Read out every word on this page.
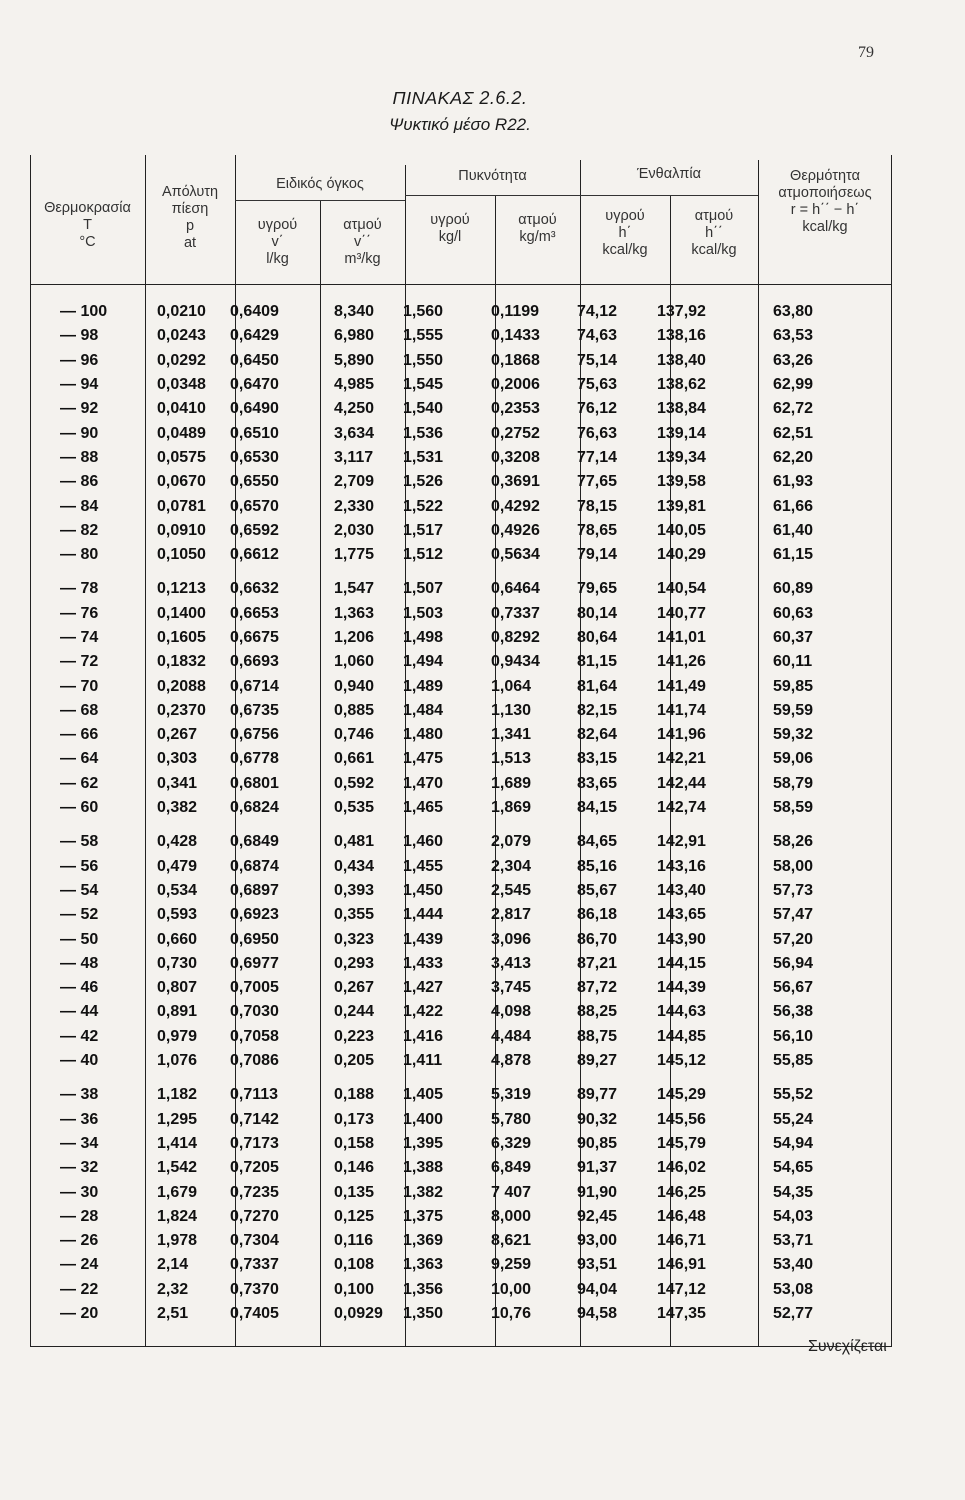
79
ΠΙΝΑΚΑΣ 2.6.2.
Ψυκτικό μέσο R22.
Θερμοκρασία
T
°C
Απόλυτη
πίεση
p
at
Ειδικός όγκος
υγρού
v΄
l/kg
ατμού
v΄΄
m³/kg
Πυκνότητα
υγρού
kg/l
ατμού
kg/m³
Ένθαλπία
υγρού
h΄
kcal/kg
ατμού
h΄΄
kcal/kg
Θερμότητα
ατμοποιήσεως
r = h΄΄ − h΄
kcal/kg
— 100	0,0210	0,6409	8,340	1,560	0,1199	74,12	137,92	63,80
— 98	0,0243	0,6429	6,980	1,555	0,1433	74,63	138,16	63,53
— 96	0,0292	0,6450	5,890	1,550	0,1868	75,14	138,40	63,26
— 94	0,0348	0,6470	4,985	1,545	0,2006	75,63	138,62	62,99
— 92	0,0410	0,6490	4,250	1,540	0,2353	76,12	138,84	62,72
— 90	0,0489	0,6510	3,634	1,536	0,2752	76,63	139,14	62,51
— 88	0,0575	0,6530	3,117	1,531	0,3208	77,14	139,34	62,20
— 86	0,0670	0,6550	2,709	1,526	0,3691	77,65	139,58	61,93
— 84	0,0781	0,6570	2,330	1,522	0,4292	78,15	139,81	61,66
— 82	0,0910	0,6592	2,030	1,517	0,4926	78,65	140,05	61,40
— 80	0,1050	0,6612	1,775	1,512	0,5634	79,14	140,29	61,15
— 78	0,1213	0,6632	1,547	1,507	0,6464	79,65	140,54	60,89
— 76	0,1400	0,6653	1,363	1,503	0,7337	80,14	140,77	60,63
— 74	0,1605	0,6675	1,206	1,498	0,8292	80,64	141,01	60,37
— 72	0,1832	0,6693	1,060	1,494	0,9434	81,15	141,26	60,11
— 70	0,2088	0,6714	0,940	1,489	1,064	81,64	141,49	59,85
— 68	0,2370	0,6735	0,885	1,484	1,130	82,15	141,74	59,59
— 66	0,267	0,6756	0,746	1,480	1,341	82,64	141,96	59,32
— 64	0,303	0,6778	0,661	1,475	1,513	83,15	142,21	59,06
— 62	0,341	0,6801	0,592	1,470	1,689	83,65	142,44	58,79
— 60	0,382	0,6824	0,535	1,465	1,869	84,15	142,74	58,59
— 58	0,428	0,6849	0,481	1,460	2,079	84,65	142,91	58,26
— 56	0,479	0,6874	0,434	1,455	2,304	85,16	143,16	58,00
— 54	0,534	0,6897	0,393	1,450	2,545	85,67	143,40	57,73
— 52	0,593	0,6923	0,355	1,444	2,817	86,18	143,65	57,47
— 50	0,660	0,6950	0,323	1,439	3,096	86,70	143,90	57,20
— 48	0,730	0,6977	0,293	1,433	3,413	87,21	144,15	56,94
— 46	0,807	0,7005	0,267	1,427	3,745	87,72	144,39	56,67
— 44	0,891	0,7030	0,244	1,422	4,098	88,25	144,63	56,38
— 42	0,979	0,7058	0,223	1,416	4,484	88,75	144,85	56,10
— 40	1,076	0,7086	0,205	1,411	4,878	89,27	145,12	55,85
— 38	1,182	0,7113	0,188	1,405	5,319	89,77	145,29	55,52
— 36	1,295	0,7142	0,173	1,400	5,780	90,32	145,56	55,24
— 34	1,414	0,7173	0,158	1,395	6,329	90,85	145,79	54,94
— 32	1,542	0,7205	0,146	1,388	6,849	91,37	146,02	54,65
— 30	1,679	0,7235	0,135	1,382	7 407	91,90	146,25	54,35
— 28	1,824	0,7270	0,125	1,375	8,000	92,45	146,48	54,03
— 26	1,978	0,7304	0,116	1,369	8,621	93,00	146,71	53,71
— 24	2,14	0,7337	0,108	1,363	9,259	93,51	146,91	53,40
— 22	2,32	0,7370	0,100	1,356	10,00	94,04	147,12	53,08
— 20	2,51	0,7405	0,0929	1,350	10,76	94,58	147,35	52,77
Συνεχίζεται
